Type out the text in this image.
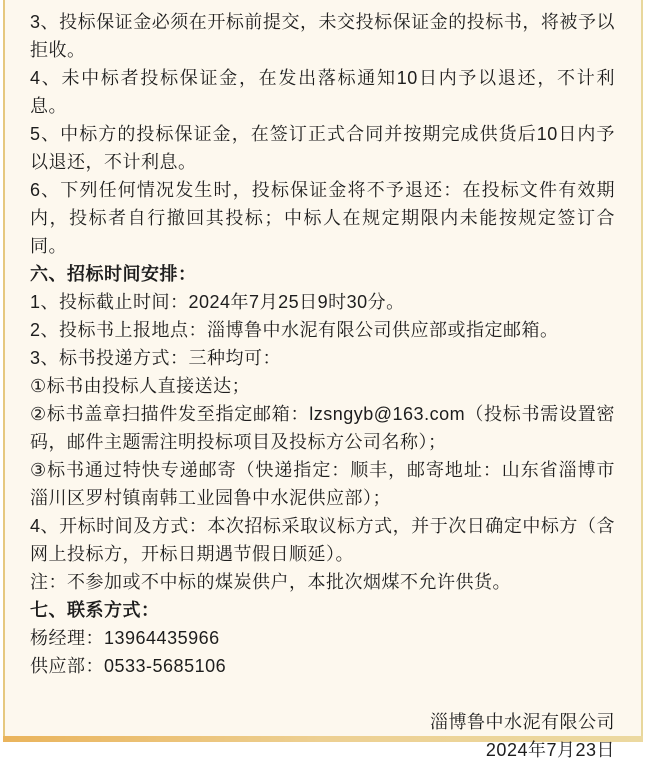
3、投标保证金必须在开标前提交，未交投标保证金的投标书，将被予以拒收。

4、未中标者投标保证金，在发出落标通知10日内予以退还，不计利息。

5、中标方的投标保证金，在签订正式合同并按期完成供货后10日内予以退还，不计利息。

6、下列任何情况发生时，投标保证金将不予退还：在投标文件有效期内，投标者自行撤回其投标；中标人在规定期限内未能按规定签订合同。

六、招标时间安排：

1、投标截止时间：2024年7月25日9时30分。

2、投标书上报地点：淄博鲁中水泥有限公司供应部或指定邮箱。

3、标书投递方式：三种均可：

①标书由投标人直接送达；

②标书盖章扫描件发至指定邮箱：lzsngyb@163.com（投标书需设置密码，邮件主题需注明投标项目及投标方公司名称）；

③标书通过特快专递邮寄（快递指定：顺丰，邮寄地址：山东省淄博市淄川区罗村镇南韩工业园鲁中水泥供应部）；

4、开标时间及方式：本次招标采取议标方式，并于次日确定中标方（含网上投标方，开标日期遇节假日顺延）。

注：不参加或不中标的煤炭供户，本批次烟煤不允许供货。

七、联系方式：

杨经理：13964435966

供应部：0533-5685106

淄博鲁中水泥有限公司

2024年7月23日
